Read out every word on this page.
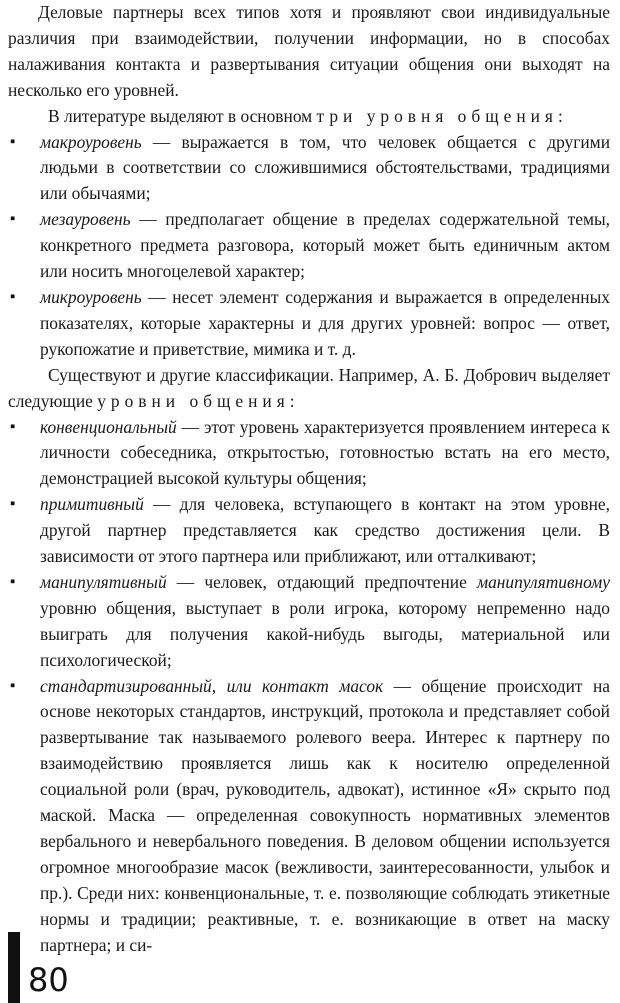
Деловые партнеры всех типов хотя и проявляют свои индивидуальные различия при взаимодействии, получении информации, но в способах налаживания контакта и развертывания ситуации общения они выходят на несколько его уровней.

В литературе выделяют в основном три уровня общения:

▪ макроуровень — выражается в том, что человек общается с другими людьми в соответствии со сложившимися обстоятельствами, традициями или обычаями;
▪ мезауровень — предполагает общение в пределах содержательной темы, конкретного предмета разговора, который может быть единичным актом или носить многоцелевой характер;
▪ микроуровень — несет элемент содержания и выражается в определенных показателях, которые характерны и для других уровней: вопрос — ответ, рукопожатие и приветствие, мимика и т. д.

Существуют и другие классификации. Например, А. Б. Добрович выделяет следующие уровни общения:

▪ конвенциональный — этот уровень характеризуется проявлением интереса к личности собеседника, открытостью, готовностью встать на его место, демонстрацией высокой культуры общения;
▪ примитивный — для человека, вступающего в контакт на этом уровне, другой партнер представляется как средство достижения цели. В зависимости от этого партнера или приближают, или отталкивают;
▪ манипулятивный — человек, отдающий предпочтение манипулятивному уровню общения, выступает в роли игрока, которому непременно надо выиграть для получения какой-нибудь выгоды, материальной или психологической;
▪ стандартизированный, или контакт масок — общение происходит на основе некоторых стандартов, инструкций, протокола и представляет собой развертывание так называемого ролевого веера. Интерес к партнеру по взаимодействию проявляется лишь как к носителю определенной социальной роли (врач, руководитель, адвокат), истинное «Я» скрыто под маской. Маска — определенная совокупность нормативных элементов вербального и невербального поведения. В деловом общении используется огромное многообразие масок (вежливости, заинтересованности, улыбок и пр.). Среди них: конвенциональные, т. е. позволяющие соблюдать этикетные нормы и традиции; реактивные, т. е. возникающие в ответ на маску партнера; и си-
80
